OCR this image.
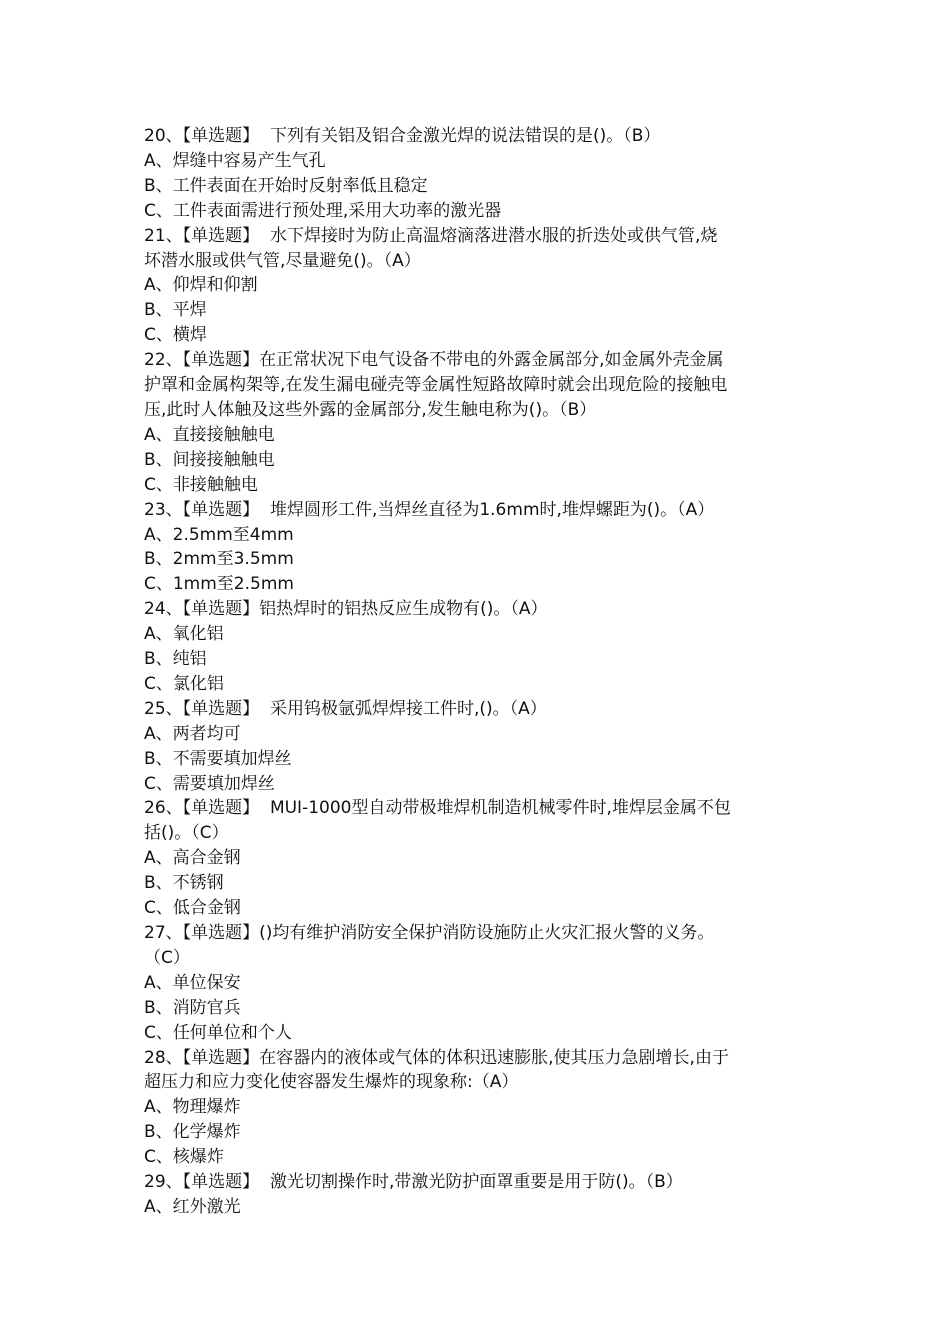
20、【单选题】  下列有关铝及铝合金激光焊的说法错误的是()。（B）
A、焊缝中容易产生气孔
B、工件表面在开始时反射率低且稳定
C、工件表面需进行预处理,采用大功率的激光器
21、【单选题】  水下焊接时为防止高温熔滴落进潜水服的折迭处或供气管,烧
坏潜水服或供气管,尽量避免()。（A）
A、仰焊和仰割
B、平焊
C、横焊
22、【单选题】在正常状况下电气设备不带电的外露金属部分,如金属外壳金属
护罩和金属构架等,在发生漏电碰壳等金属性短路故障时就会出现危险的接触电
压,此时人体触及这些外露的金属部分,发生触电称为()。（B）
A、直接接触触电
B、间接接触触电
C、非接触触电
23、【单选题】  堆焊圆形工件,当焊丝直径为1.6mm时,堆焊螺距为()。（A）
A、2.5mm至4mm
B、2mm至3.5mm
C、1mm至2.5mm
24、【单选题】铝热焊时的铝热反应生成物有()。（A）
A、氧化铝
B、纯铝
C、氯化铝
25、【单选题】  采用钨极氩弧焊焊接工件时,()。（A）
A、两者均可
B、不需要填加焊丝
C、需要填加焊丝
26、【单选题】  MUI-1000型自动带极堆焊机制造机械零件时,堆焊层金属不包
括()。（C）
A、高合金钢
B、不锈钢
C、低合金钢
27、【单选题】()均有维护消防安全保护消防设施防止火灾汇报火警的义务。
（C）
A、单位保安
B、消防官兵
C、任何单位和个人
28、【单选题】在容器内的液体或气体的体积迅速膨胀,使其压力急剧增长,由于
超压力和应力变化使容器发生爆炸的现象称:（A）
A、物理爆炸
B、化学爆炸
C、核爆炸
29、【单选题】  激光切割操作时,带激光防护面罩重要是用于防()。（B）
A、红外激光
